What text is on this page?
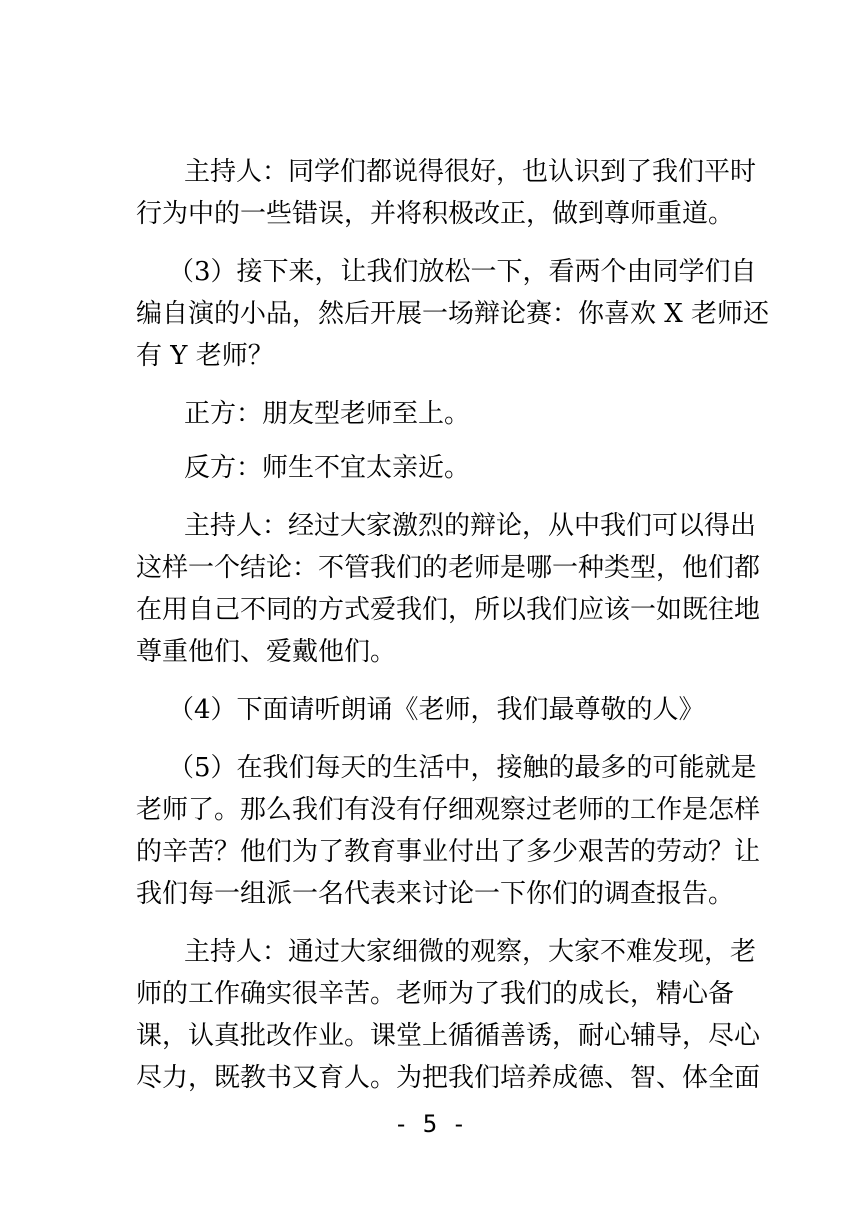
主持人：同学们都说得很好，也认识到了我们平时
行为中的一些错误，并将积极改正，做到尊师重道。
（3）接下来，让我们放松一下，看两个由同学们自
编自演的小品，然后开展一场辩论赛：你喜欢 X 老师还
有 Y 老师？
正方：朋友型老师至上。
反方：师生不宜太亲近。
主持人：经过大家激烈的辩论，从中我们可以得出
这样一个结论：不管我们的老师是哪一种类型，他们都
在用自己不同的方式爱我们，所以我们应该一如既往地
尊重他们、爱戴他们。
（4）下面请听朗诵《老师，我们最尊敬的人》
（5）在我们每天的生活中，接触的最多的可能就是
老师了。那么我们有没有仔细观察过老师的工作是怎样
的辛苦？他们为了教育事业付出了多少艰苦的劳动？让
我们每一组派一名代表来讨论一下你们的调查报告。
主持人：通过大家细微的观察，大家不难发现，老
师的工作确实很辛苦。老师为了我们的成长，精心备
课，认真批改作业。课堂上循循善诱，耐心辅导，尽心
尽力，既教书又育人。为把我们培养成德、智、体全面
- 5 -
